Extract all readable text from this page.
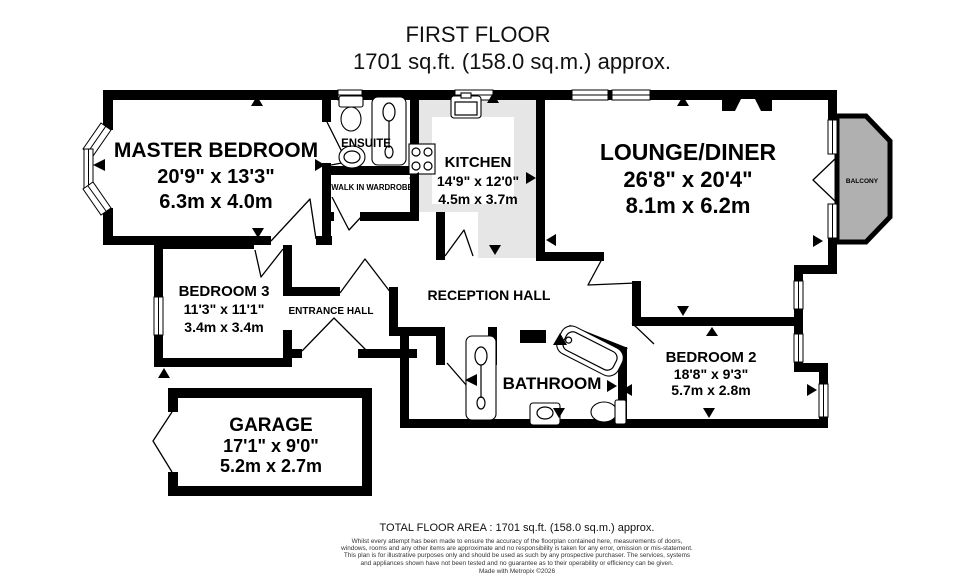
FIRST FLOOR
1701 sq.ft. (158.0 sq.m.) approx.
MASTER BEDROOM
20'9" x 13'3"
6.3m x 4.0m
ENSUITE
WALK IN WARDROBE
KITCHEN
14'9" x 12'0"
4.5m x 3.7m
LOUNGE/DINER
26'8" x 20'4"
8.1m x 6.2m
BALCONY
BEDROOM 3
11'3" x 11'1"
3.4m x 3.4m
ENTRANCE HALL
RECEPTION HALL
BATHROOM
BEDROOM 2
18'8" x 9'3"
5.7m x 2.8m
GARAGE
17'1" x 9'0"
5.2m x 2.7m
TOTAL FLOOR AREA : 1701 sq.ft. (158.0 sq.m.) approx.
Whilst every attempt has been made to ensure the accuracy of the floorplan contained here, measurements of doors, windows, rooms and any other items are approximate and no responsibility is taken for any error, omission or mis-statement. This plan is for illustrative purposes only and should be used as such by any prospective purchaser. The services, systems and appliances shown have not been tested and no guarantee as to their operability or efficiency can be given.
Made with Metropix ©2026
